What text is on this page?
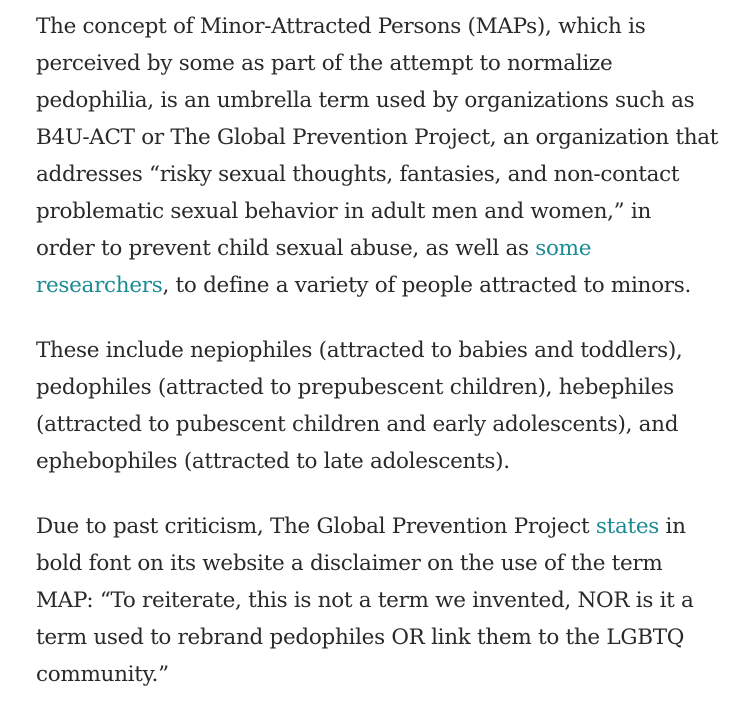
The concept of Minor-Attracted Persons (MAPs), which is
perceived by some as part of the attempt to normalize
pedophilia, is an umbrella term used by organizations such as
B4U-ACT or The Global Prevention Project, an organization that
addresses “risky sexual thoughts, fantasies, and non-contact
problematic sexual behavior in adult men and women,” in
order to prevent child sexual abuse, as well as some
researchers, to define a variety of people attracted to minors.

These include nepiophiles (attracted to babies and toddlers),
pedophiles (attracted to prepubescent children), hebephiles
(attracted to pubescent children and early adolescents), and
ephebophiles (attracted to late adolescents).

Due to past criticism, The Global Prevention Project states in
bold font on its website a disclaimer on the use of the term
MAP: “To reiterate, this is not a term we invented, NOR is it a
term used to rebrand pedophiles OR link them to the LGBTQ
community.”
